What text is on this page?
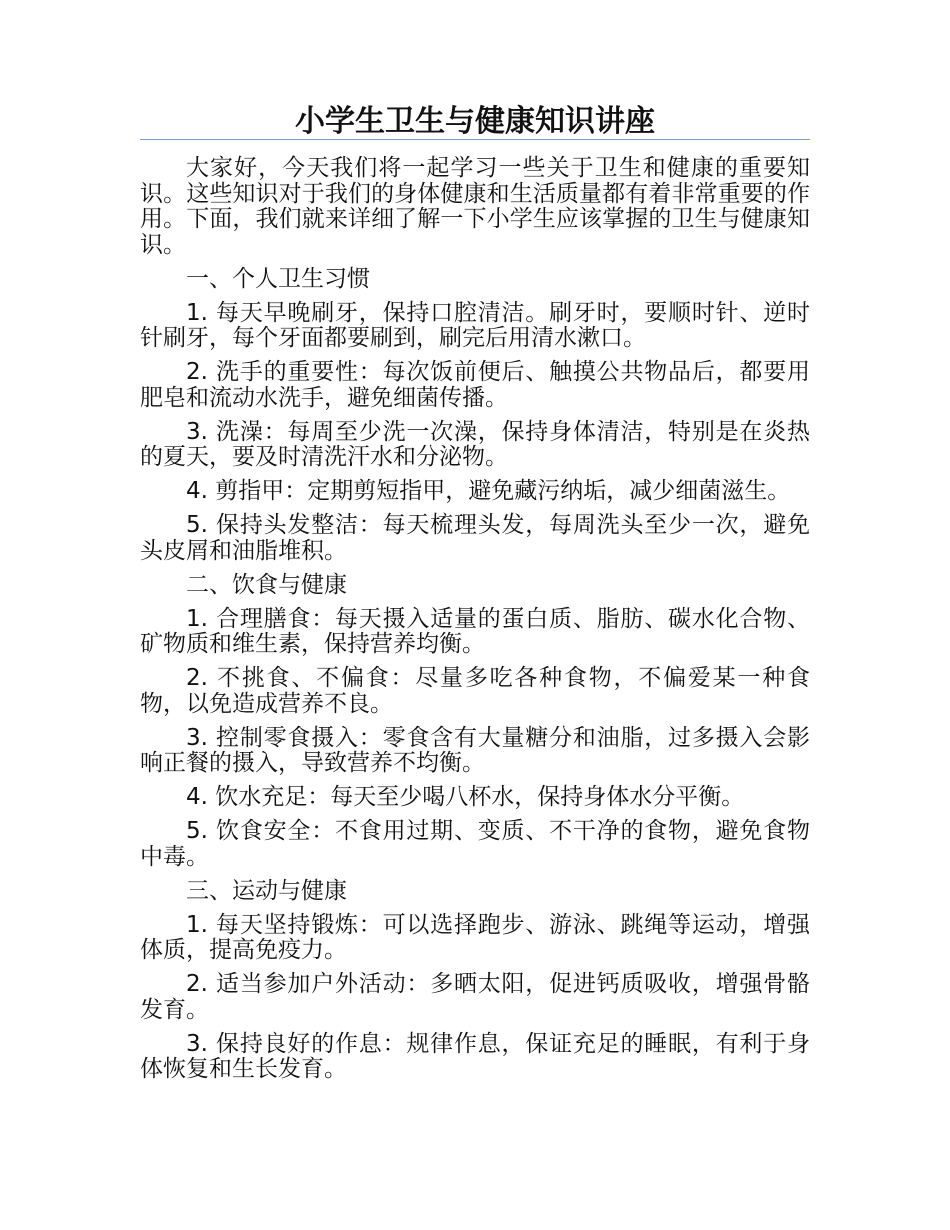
小学生卫生与健康知识讲座

大家好，今天我们将一起学习一些关于卫生和健康的重要知识。这些知识对于我们的身体健康和生活质量都有着非常重要的作用。下面，我们就来详细了解一下小学生应该掌握的卫生与健康知识。

一、个人卫生习惯

1. 每天早晚刷牙，保持口腔清洁。刷牙时，要顺时针、逆时针刷牙，每个牙面都要刷到，刷完后用清水漱口。

2. 洗手的重要性：每次饭前便后、触摸公共物品后，都要用肥皂和流动水洗手，避免细菌传播。

3. 洗澡：每周至少洗一次澡，保持身体清洁，特别是在炎热的夏天，要及时清洗汗水和分泌物。

4. 剪指甲：定期剪短指甲，避免藏污纳垢，减少细菌滋生。

5. 保持头发整洁：每天梳理头发，每周洗头至少一次，避免头皮屑和油脂堆积。

二、饮食与健康

1. 合理膳食：每天摄入适量的蛋白质、脂肪、碳水化合物、矿物质和维生素，保持营养均衡。

2. 不挑食、不偏食：尽量多吃各种食物，不偏爱某一种食物，以免造成营养不良。

3. 控制零食摄入：零食含有大量糖分和油脂，过多摄入会影响正餐的摄入，导致营养不均衡。

4. 饮水充足：每天至少喝八杯水，保持身体水分平衡。

5. 饮食安全：不食用过期、变质、不干净的食物，避免食物中毒。

三、运动与健康

1. 每天坚持锻炼：可以选择跑步、游泳、跳绳等运动，增强体质，提高免疫力。

2. 适当参加户外活动：多晒太阳，促进钙质吸收，增强骨骼发育。

3. 保持良好的作息：规律作息，保证充足的睡眠，有利于身体恢复和生长发育。
